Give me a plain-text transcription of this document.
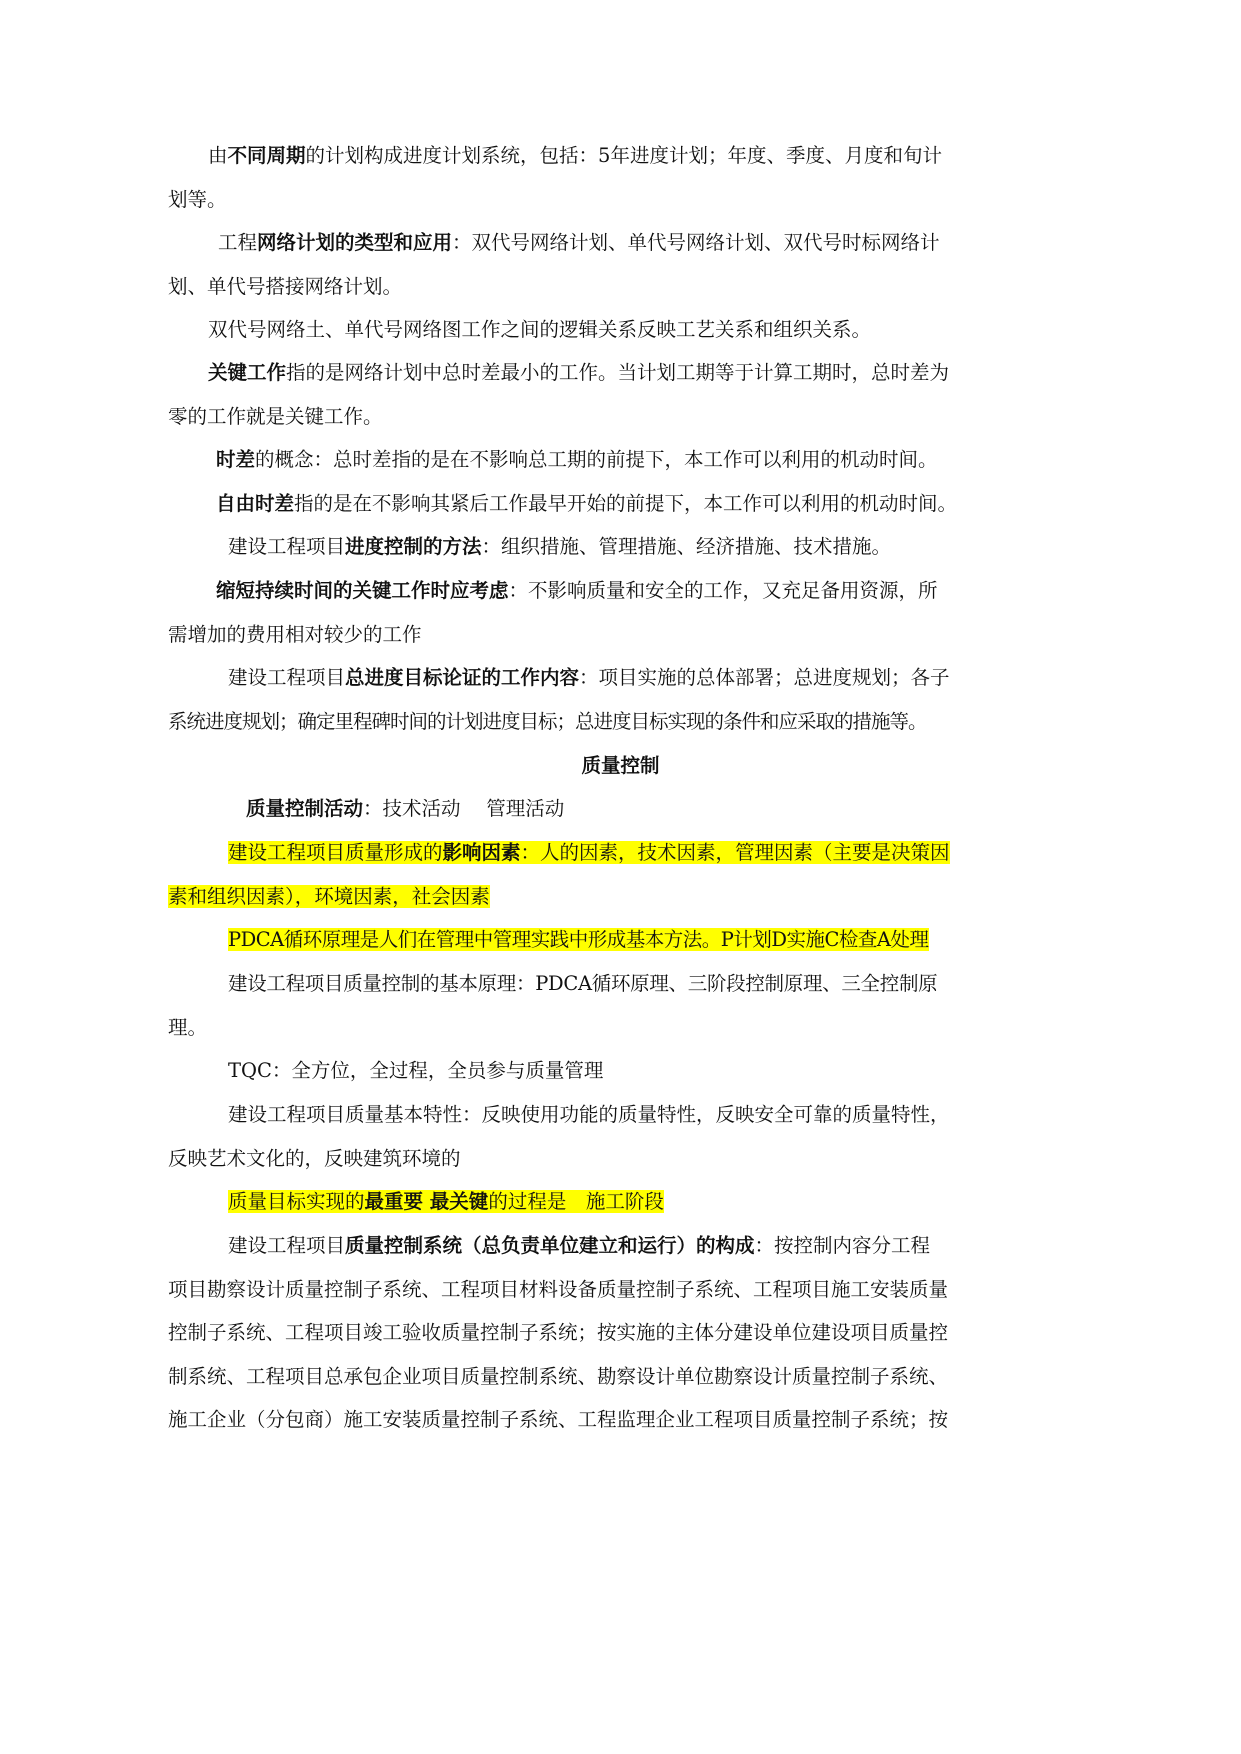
由不同周期的计划构成进度计划系统，包括：5年进度计划；年度、季度、月度和旬计
划等。
工程网络计划的类型和应用：双代号网络计划、单代号网络计划、双代号时标网络计
划、单代号搭接网络计划。
双代号网络土、单代号网络图工作之间的逻辑关系反映工艺关系和组织关系。
关键工作指的是网络计划中总时差最小的工作。当计划工期等于计算工期时，总时差为
零的工作就是关键工作。
时差的概念：总时差指的是在不影响总工期的前提下，本工作可以利用的机动时间。
自由时差指的是在不影响其紧后工作最早开始的前提下，本工作可以利用的机动时间。
建设工程项目进度控制的方法：组织措施、管理措施、经济措施、技术措施。
缩短持续时间的关键工作时应考虑：不影响质量和安全的工作，又充足备用资源，所
需增加的费用相对较少的工作
建设工程项目总进度目标论证的工作内容：项目实施的总体部署；总进度规划；各子
系统进度规划；确定里程碑时间的计划进度目标；总进度目标实现的条件和应采取的措施等。
质量控制
质量控制活动：技术活动　 管理活动
建设工程项目质量形成的影响因素：人的因素，技术因素，管理因素（主要是决策因
素和组织因素），环境因素，社会因素
PDCA循环原理是人们在管理中管理实践中形成基本方法。P计划D实施C检查A处理
建设工程项目质量控制的基本原理：PDCA循环原理、三阶段控制原理、三全控制原
理。
TQC：全方位，全过程，全员参与质量管理
建设工程项目质量基本特性：反映使用功能的质量特性，反映安全可靠的质量特性，
反映艺术文化的，反映建筑环境的
质量目标实现的最重要 最关键的过程是　施工阶段
建设工程项目质量控制系统（总负责单位建立和运行）的构成：按控制内容分工程
项目勘察设计质量控制子系统、工程项目材料设备质量控制子系统、工程项目施工安装质量
控制子系统、工程项目竣工验收质量控制子系统；按实施的主体分建设单位建设项目质量控
制系统、工程项目总承包企业项目质量控制系统、勘察设计单位勘察设计质量控制子系统、
施工企业（分包商）施工安装质量控制子系统、工程监理企业工程项目质量控制子系统；按
